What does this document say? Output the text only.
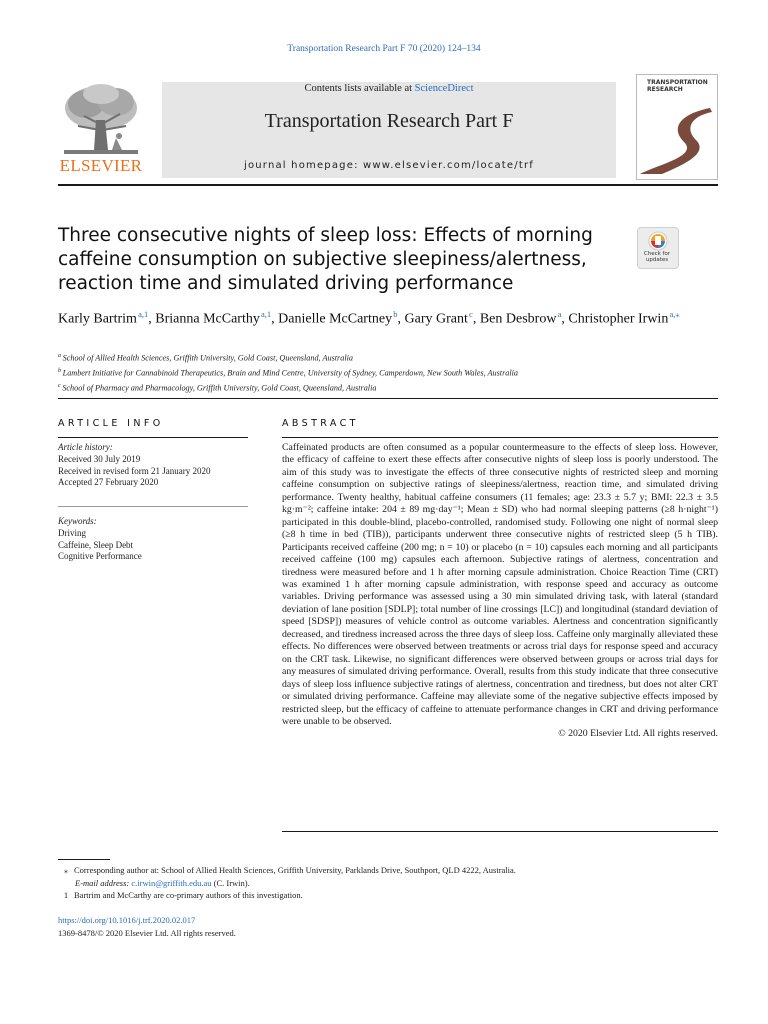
Transportation Research Part F 70 (2020) 124–134
Contents lists available at ScienceDirect
Transportation Research Part F
journal homepage: www.elsevier.com/locate/trf
ELSEVIER
TRANSPORTATION RESEARCH
Three consecutive nights of sleep loss: Effects of morning caffeine consumption on subjective sleepiness/alertness, reaction time and simulated driving performance
Check for updates
Karly Bartrim $^{a,1}$, Brianna McCarthy $^{a,1}$, Danielle McCartney $^b$, Gary Grant $^c$, Ben Desbrow $^a$, Christopher Irwin $^{a,⁎}$
$^a$  School of Allied Health Sciences, Griffith University, Gold Coast, Queensland, Australia
$^b$  Lambert Initiative for Cannabinoid Therapeutics, Brain and Mind Centre, University of Sydney, Camperdown, New South Wales, Australia
$^c$  School of Pharmacy and Pharmacology, Griffith University, Gold Coast, Queensland, Australia
ARTICLE INFO
Article history:
Received 30 July 2019
Received in revised form 21 January 2020
Accepted 27 February 2020
Keywords:
Driving
Caffeine, Sleep Debt
Cognitive Performance
ABSTRACT
Caffeinated products are often consumed as a popular countermeasure to the effects of sleep loss. However, the efficacy of caffeine to exert these effects after consecutive nights of sleep loss is poorly understood. The aim of this study was to investigate the effects of three consecutive nights of restricted sleep and morning caffeine consumption on subjective ratings of sleepiness/alertness, reaction time, and simulated driving performance. Twenty healthy, habitual caffeine consumers (11 females; age: 23.3 ± 5.7 y; BMI: 22.3 ± 3.5 kg·m⁻²; caffeine intake: 204 ± 89 mg·day⁻¹; Mean ± SD) who had normal sleeping patterns (≥8 h·night⁻¹) participated in this double-blind, placebo-controlled, randomised study. Following one night of normal sleep (≥8 h time in bed (TIB)), participants underwent three consecutive nights of restricted sleep (5 h TIB). Participants received caffeine (200 mg; n = 10) or placebo (n = 10) capsules each morning and all participants received caffeine (100 mg) capsules each afternoon. Subjective ratings of alertness, concentration and tiredness were measured before and 1 h after morning capsule administration. Choice Reaction Time (CRT) was examined 1 h after morning capsule administration, with response speed and accuracy as outcome variables. Driving performance was assessed using a 30 min simulated driving task, with lateral (standard deviation of lane position [SDLP]; total number of line crossings [LC]) and longitudinal (standard deviation of speed [SDSP]) measures of vehicle control as outcome variables. Alertness and concentration significantly decreased, and tiredness increased across the three days of sleep loss. Caffeine only marginally alleviated these effects. No differences were observed between treatments or across trial days for response speed and accuracy on the CRT task. Likewise, no significant differences were observed between groups or across trial days for any measures of simulated driving performance. Overall, results from this study indicate that three consecutive days of sleep loss influence subjective ratings of alertness, concentration and tiredness, but does not alter CRT or simulated driving performance. Caffeine may alleviate some of the negative subjective effects imposed by restricted sleep, but the efficacy of caffeine to attenuate performance changes in CRT and driving performance were unable to be observed.
© 2020 Elsevier Ltd. All rights reserved.
⁎ Corresponding author at: School of Allied Health Sciences, Griffith University, Parklands Drive, Southport, QLD 4222, Australia.
E-mail address: c.irwin@griffith.edu.au (C. Irwin).
1 Bartrim and McCarthy are co-primary authors of this investigation.
https://doi.org/10.1016/j.trf.2020.02.017
1369-8478/© 2020 Elsevier Ltd. All rights reserved.
